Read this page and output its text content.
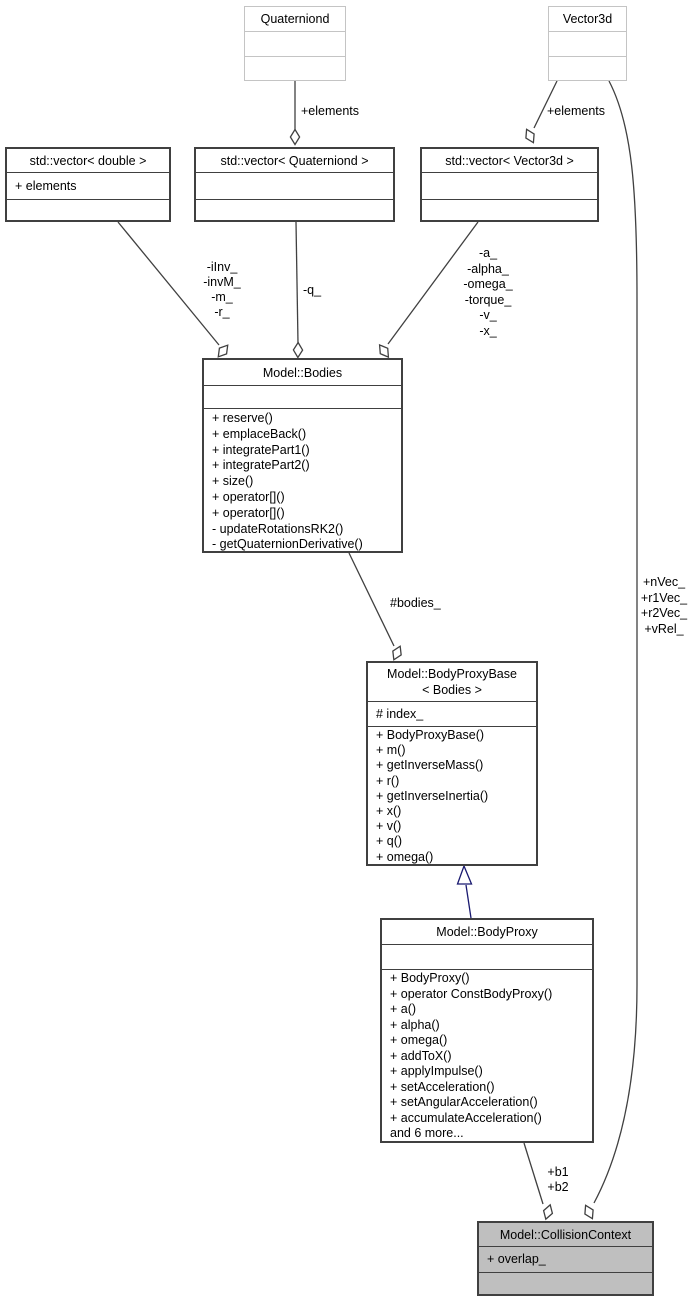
Quaterniond	Vector3d
std::vector< double >
+ elements
std::vector< Quaterniond >	std::vector< Vector3d >
Model::Bodies
+ reserve()
+ emplaceBack()
+ integratePart1()
+ integratePart2()
+ size()
+ operator[]()
+ operator[]()
- updateRotationsRK2()
- getQuaternionDerivative()
Model::BodyProxyBase
< Bodies >
# index_
+ BodyProxyBase()
+ m()
+ getInverseMass()
+ r()
+ getInverseInertia()
+ x()
+ v()
+ q()
+ omega()
Model::BodyProxy
+ BodyProxy()
+ operator ConstBodyProxy()
+ a()
+ alpha()
+ omega()
+ addToX()
+ applyImpulse()
+ setAcceleration()
+ setAngularAcceleration()
+ accumulateAcceleration()
and 6 more...
Model::CollisionContext
+ overlap_
+elements	+elements
-iInv_
-invM_
-m_
-r_
-q_
-a_
-alpha_
-omega_
-torque_
-v_
-x_
#bodies_
+nVec_
+r1Vec_
+r2Vec_
+vRel_
+b1
+b2
